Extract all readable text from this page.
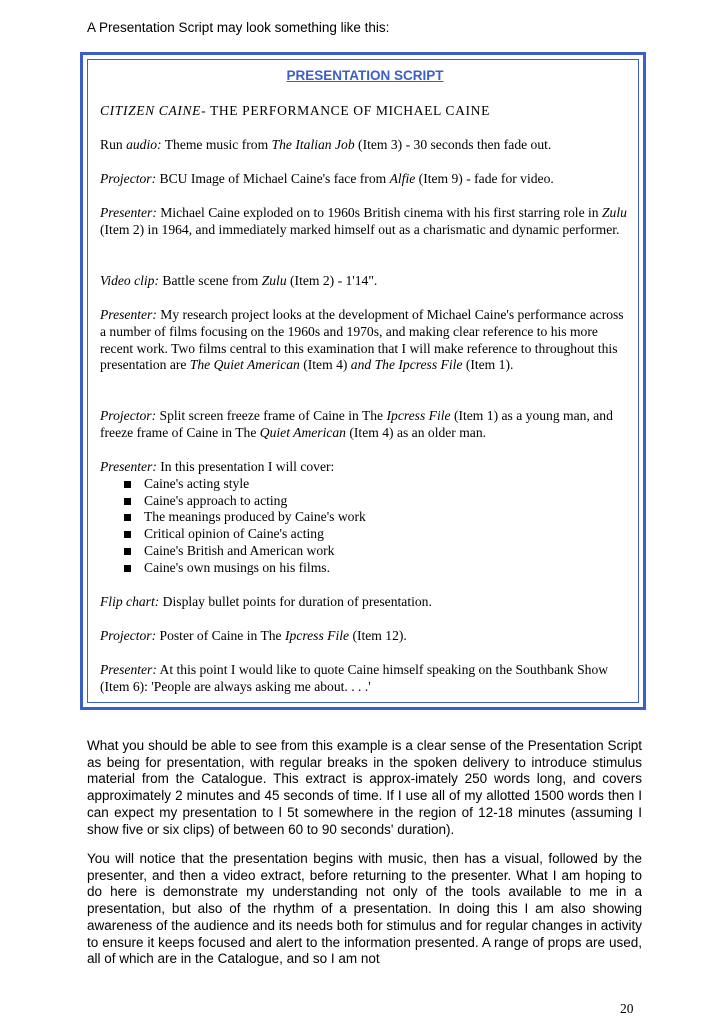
A Presentation Script may look something like this:
PRESENTATION SCRIPT

CITIZEN CAINE- THE PERFORMANCE OF MICHAEL CAINE

Run audio: Theme music from The Italian Job (Item 3) - 30 seconds then fade out.

Projector: BCU Image of Michael Caine's face from Alfie (Item 9) - fade for video.

Presenter: Michael Caine exploded on to 1960s British cinema with his first starring role in Zulu (Item 2) in 1964, and immediately marked himself out as a charismatic and dynamic performer.

Video clip: Battle scene from Zulu (Item 2) - 1'14".

Presenter: My research project looks at the development of Michael Caine's performance across a number of films focusing on the 1960s and 1970s, and making clear reference to his more recent work. Two films central to this examination that I will make reference to throughout this presentation are The Quiet American (Item 4) and The Ipcress File (Item 1).

Projector: Split screen freeze frame of Caine in The Ipcress File (Item 1) as a young man, and freeze frame of Caine in The Quiet American (Item 4) as an older man.

Presenter: In this presentation I will cover:
Caine's acting style
Caine's approach to acting
The meanings produced by Caine's work
Critical opinion of Caine's acting
Caine's British and American work
Caine's own musings on his films.

Flip chart: Display bullet points for duration of presentation.

Projector: Poster of Caine in The Ipcress File (Item 12).

Presenter: At this point I would like to quote Caine himself speaking on the Southbank Show (Item 6): 'People are always asking me about. . . .'

What you should be able to see from this example is a clear sense of the Presentation Script as being for presentation, with regular breaks in the spoken delivery to introduce stimulus material from the Catalogue. This extract is approx-imately 250 words long, and covers approximately 2 minutes and 45 seconds of time. If I use all of my allotted 1500 words then I can expect my presentation to l 5t somewhere in the region of 12-18 minutes (assuming I show five or six clips) of between 60 to 90 seconds' duration).

You will notice that the presentation begins with music, then has a visual, followed by the presenter, and then a video extract, before returning to the presenter. What I am hoping to do here is demonstrate my understanding not only of the tools available to me in a presentation, but also of the rhythm of a presentation. In doing this I am also showing awareness of the audience and its needs both for stimulus and for regular changes in activity to ensure it keeps focused and alert to the information presented. A range of props are used, all of which are in the Catalogue, and so I am not

20
